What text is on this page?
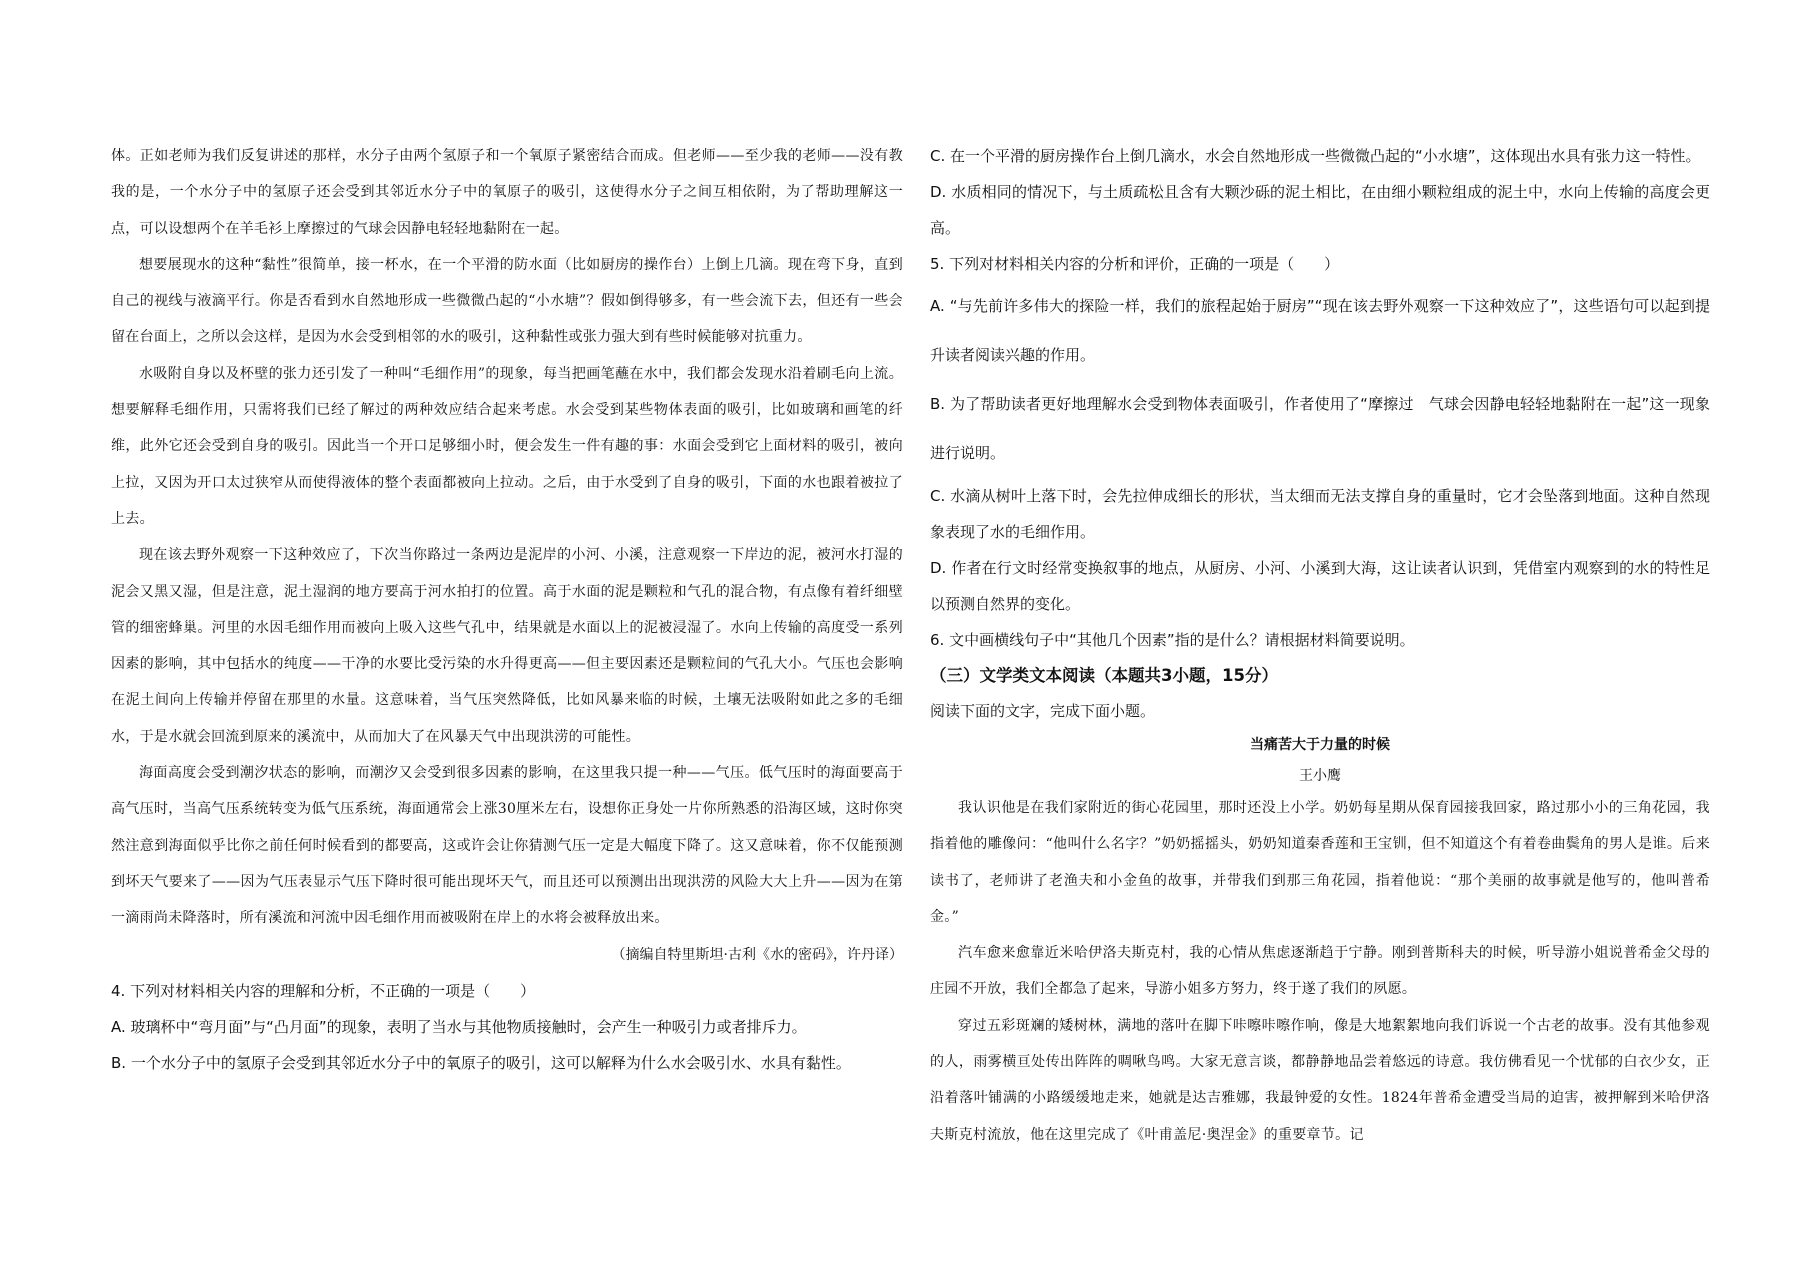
体。正如老师为我们反复讲述的那样，水分子由两个氢原子和一个氧原子紧密结合而成。但老师——至少我的老师——没有教我的是，一个水分子中的氢原子还会受到其邻近水分子中的氧原子的吸引，这使得水分子之间互相依附，为了帮助理解这一点，可以设想两个在羊毛衫上摩擦过的气球会因静电轻轻地黏附在一起。

想要展现水的这种“黏性”很简单，接一杯水，在一个平滑的防水面（比如厨房的操作台）上倒上几滴。现在弯下身，直到自己的视线与液滴平行。你是否看到水自然地形成一些微微凸起的“小水塘”？假如倒得够多，有一些会流下去，但还有一些会留在台面上，之所以会这样，是因为水会受到相邻的水的吸引，这种黏性或张力强大到有些时候能够对抗重力。

水吸附自身以及杯壁的张力还引发了一种叫“毛细作用”的现象，每当把画笔蘸在水中，我们都会发现水沿着刷毛向上流。想要解释毛细作用，只需将我们已经了解过的两种效应结合起来考虑。水会受到某些物体表面的吸引，比如玻璃和画笔的纤维，此外它还会受到自身的吸引。因此当一个开口足够细小时，便会发生一件有趣的事：水面会受到它上面材料的吸引，被向上拉，又因为开口太过狭窄从而使得液体的整个表面都被向上拉动。之后，由于水受到了自身的吸引，下面的水也跟着被拉了上去。

现在该去野外观察一下这种效应了，下次当你路过一条两边是泥岸的小河、小溪，注意观察一下岸边的泥，被河水打湿的泥会又黑又湿，但是注意，泥土湿润的地方要高于河水拍打的位置。高于水面的泥是颗粒和气孔的混合物，有点像有着纤细壁管的细密蜂巢。河里的水因毛细作用而被向上吸入这些气孔中，结果就是水面以上的泥被浸湿了。水向上传输的高度受一系列因素的影响，其中包括水的纯度——干净的水要比受污染的水升得更高——但主要因素还是颗粒间的气孔大小。气压也会影响在泥土间向上传输并停留在那里的水量。这意味着，当气压突然降低，比如风暴来临的时候，土壤无法吸附如此之多的毛细水，于是水就会回流到原来的溪流中，从而加大了在风暴天气中出现洪涝的可能性。

海面高度会受到潮汐状态的影响，而潮汐又会受到很多因素的影响，在这里我只提一种——气压。低气压时的海面要高于高气压时，当高气压系统转变为低气压系统，海面通常会上涨30厘米左右，设想你正身处一片你所熟悉的沿海区域，这时你突然注意到海面似乎比你之前任何时候看到的都要高，这或许会让你猜测气压一定是大幅度下降了。这又意味着，你不仅能预测到坏天气要来了——因为气压表显示气压下降时很可能出现坏天气，而且还可以预测出出现洪涝的风险大大上升——因为在第一滴雨尚未降落时，所有溪流和河流中因毛细作用而被吸附在岸上的水将会被释放出来。

（摘编自特里斯坦·古利《水的密码》，许丹译）

4. 下列对材料相关内容的理解和分析，不正确的一项是（　　）

A. 玻璃杯中“弯月面”与“凸月面”的现象，表明了当水与其他物质接触时，会产生一种吸引力或者排斥力。

B. 一个水分子中的氢原子会受到其邻近水分子中的氧原子的吸引，这可以解释为什么水会吸引水、水具有黏性。

C. 在一个平滑的厨房操作台上倒几滴水，水会自然地形成一些微微凸起的“小水塘”，这体现出水具有张力这一特性。

D. 水质相同的情况下，与土质疏松且含有大颗沙砾的泥土相比，在由细小颗粒组成的泥土中，水向上传输的高度会更高。

5. 下列对材料相关内容的分析和评价，正确的一项是（　　）

A. “与先前许多伟大的探险一样，我们的旅程起始于厨房”“现在该去野外观察一下这种效应了”，这些语句可以起到提升读者阅读兴趣的作用。

B. 为了帮助读者更好地理解水会受到物体表面吸引，作者使用了“摩擦过　气球会因静电轻轻地黏附在一起”这一现象进行说明。

C. 水滴从树叶上落下时，会先拉伸成细长的形状，当太细而无法支撑自身的重量时，它才会坠落到地面。这种自然现象表现了水的毛细作用。

D. 作者在行文时经常变换叙事的地点，从厨房、小河、小溪到大海，这让读者认识到，凭借室内观察到的水的特性足以预测自然界的变化。

6. 文中画横线句子中“其他几个因素”指的是什么？请根据材料简要说明。

（三）文学类文本阅读（本题共3小题，15分）

阅读下面的文字，完成下面小题。

当痛苦大于力量的时候

王小鹰

我认识他是在我们家附近的街心花园里，那时还没上小学。奶奶每星期从保育园接我回家，路过那小小的三角花园，我指着他的雕像问：“他叫什么名字？”奶奶摇摇头，奶奶知道秦香莲和王宝钏，但不知道这个有着卷曲鬓角的男人是谁。后来读书了，老师讲了老渔夫和小金鱼的故事，并带我们到那三角花园，指着他说：“那个美丽的故事就是他写的，他叫普希金。”

汽车愈来愈靠近米哈伊洛夫斯克村，我的心情从焦虑逐渐趋于宁静。刚到普斯科夫的时候，听导游小姐说普希金父母的庄园不开放，我们全都急了起来，导游小姐多方努力，终于遂了我们的夙愿。

穿过五彩斑斓的矮树林，满地的落叶在脚下咔嚓咔嚓作响，像是大地絮絮地向我们诉说一个古老的故事。没有其他参观的人，雨雾横亘处传出阵阵的啁啾鸟鸣。大家无意言谈，都静静地品尝着悠远的诗意。我仿佛看见一个忧郁的白衣少女，正沿着落叶铺满的小路缓缓地走来，她就是达吉雅娜，我最钟爱的女性。1824年普希金遭受当局的迫害，被押解到米哈伊洛夫斯克村流放，他在这里完成了《叶甫盖尼·奥涅金》的重要章节。记
